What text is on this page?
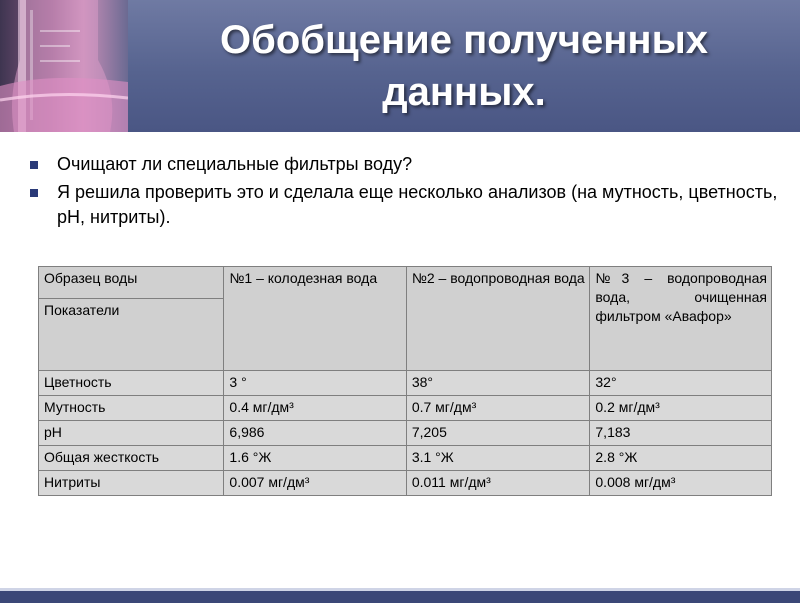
Обобщение полученных
данных.
Очищают ли специальные фильтры воду?
Я решила проверить это и сделала еще несколько анализов (на мутность, цветность, рН, нитриты).
Образец воды	№1 – колодезная вода	№2 – водопроводная вода	№3 – водопроводная вода, очищенная фильтром «Авафор»
Показатели			
Цветность	3 °	38°	32°
Мутность	0.4 мг/дм³	0.7 мг/дм³	0.2 мг/дм³
рН	6,986	7,205	7,183
Общая жесткость	1.6 °Ж	3.1 °Ж	2.8 °Ж
Нитриты	0.007 мг/дм³	0.011 мг/дм³	0.008 мг/дм³
